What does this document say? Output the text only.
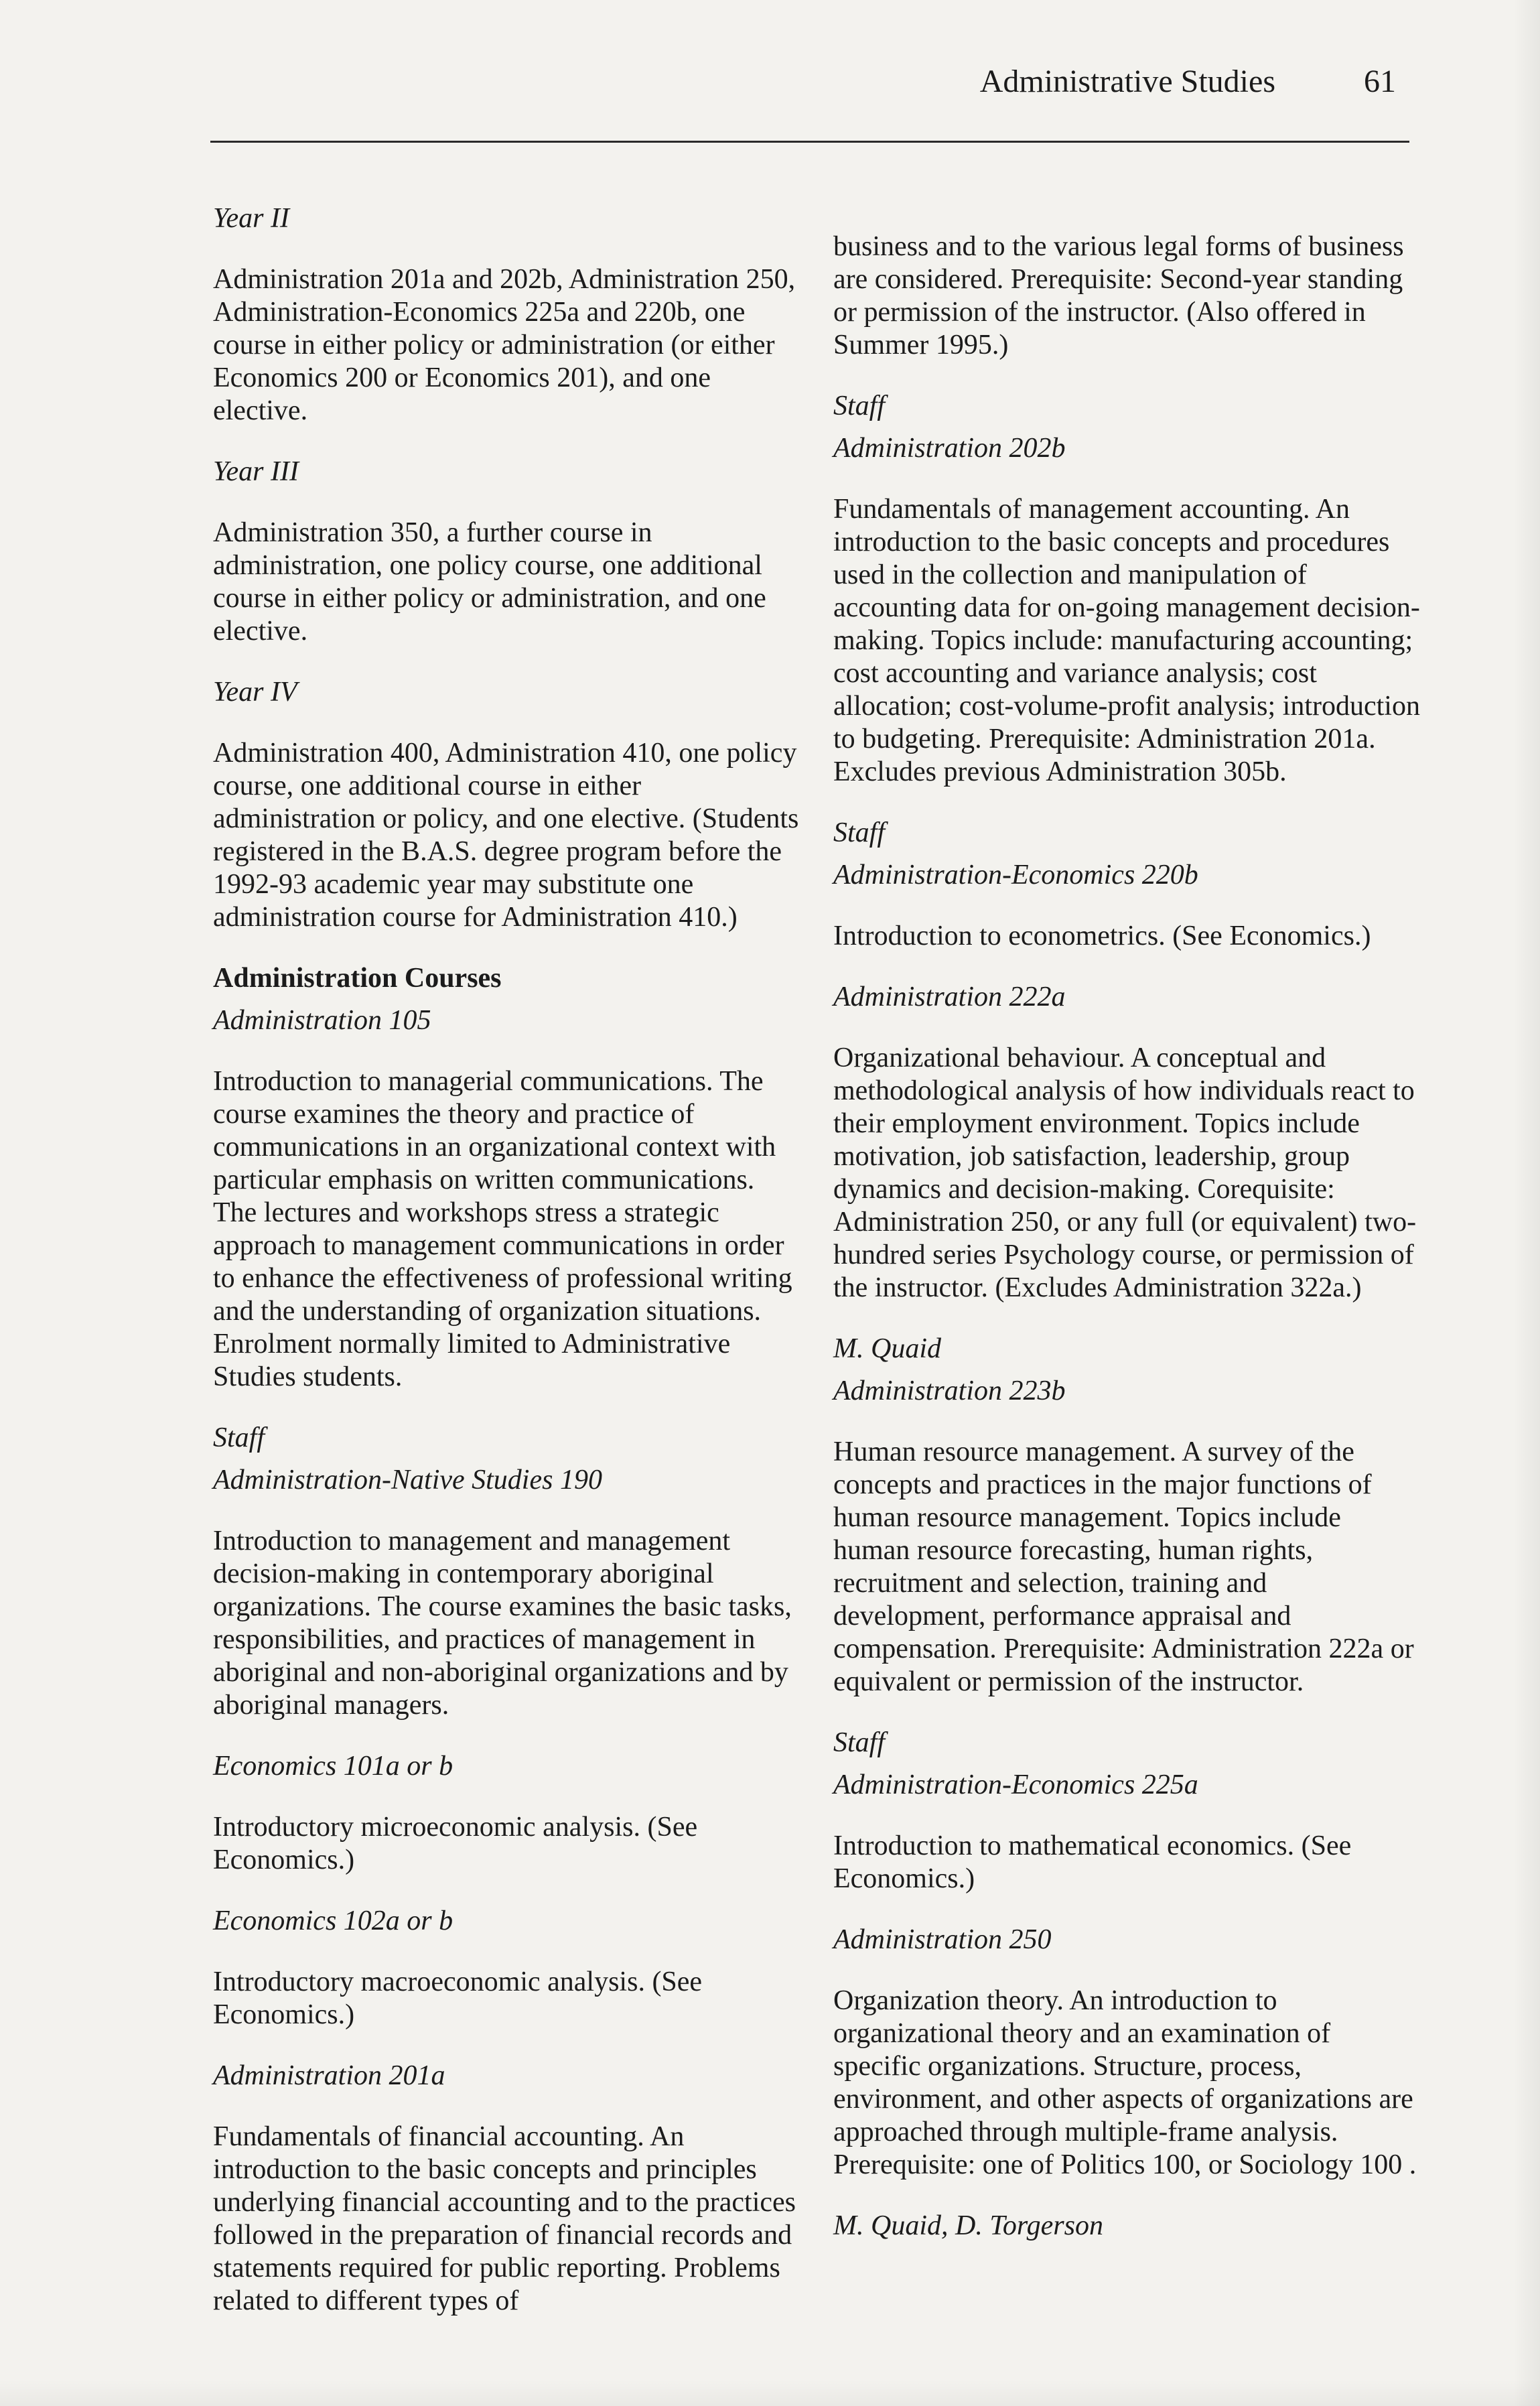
Administrative Studies	61
Year II

Administration 201a and 202b, Administration 250, Administration-Economics 225a and 220b, one course in either policy or administration (or either Economics 200 or Economics 201), and one elective.

Year III

Administration 350, a further course in administration, one policy course, one additional course in either policy or administration, and one elective.

Year IV

Administration 400, Administration 410, one policy course, one additional course in either administration or policy, and one elective. (Students registered in the B.A.S. degree program before the 1992-93 academic year may substitute one administration course for Administration 410.)

Administration Courses
Administration 105

Introduction to managerial communications. The course examines the theory and practice of communications in an organizational context with particular emphasis on written communications. The lectures and workshops stress a strategic approach to management communications in order to enhance the effectiveness of professional writing and the understanding of organization situations. Enrolment normally limited to Administrative Studies students.

Staff
Administration-Native Studies 190

Introduction to management and management decision-making in contemporary aboriginal organizations. The course examines the basic tasks, responsibilities, and practices of management in aboriginal and non-aboriginal organizations and by aboriginal managers.

Economics 101a or b

Introductory microeconomic analysis. (See Economics.)

Economics 102a or b

Introductory macroeconomic analysis. (See Economics.)

Administration 201a

Fundamentals of financial accounting. An introduction to the basic concepts and principles underlying financial accounting and to the practices followed in the preparation of financial records and statements required for public reporting. Problems related to different types of

business and to the various legal forms of business are considered. Prerequisite: Second-year standing or permission of the instructor. (Also offered in Summer 1995.)

Staff
Administration 202b

Fundamentals of management accounting. An introduction to the basic concepts and procedures used in the collection and manipulation of accounting data for on-going management decision-making. Topics include: manufacturing accounting; cost accounting and variance analysis; cost allocation; cost-volume-profit analysis; introduction to budgeting. Prerequisite: Administration 201a. Excludes previous Administration 305b.

Staff
Administration-Economics 220b

Introduction to econometrics. (See Economics.)

Administration 222a

Organizational behaviour. A conceptual and methodological analysis of how individuals react to their employment environment. Topics include motivation, job satisfaction, leadership, group dynamics and decision-making. Corequisite: Administration 250, or any full (or equivalent) two-hundred series Psychology course, or permission of the instructor. (Excludes Administration 322a.)

M. Quaid
Administration 223b

Human resource management. A survey of the concepts and practices in the major functions of human resource management. Topics include human resource forecasting, human rights, recruitment and selection, training and development, performance appraisal and compensation. Prerequisite: Administration 222a or equivalent or permission of the instructor.

Staff
Administration-Economics 225a

Introduction to mathematical economics. (See Economics.)

Administration 250

Organization theory. An introduction to organizational theory and an examination of specific organizations. Structure, process, environment, and other aspects of organizations are approached through multiple-frame analysis. Prerequisite: one of Politics 100, or Sociology 100 .

M. Quaid, D. Torgerson
